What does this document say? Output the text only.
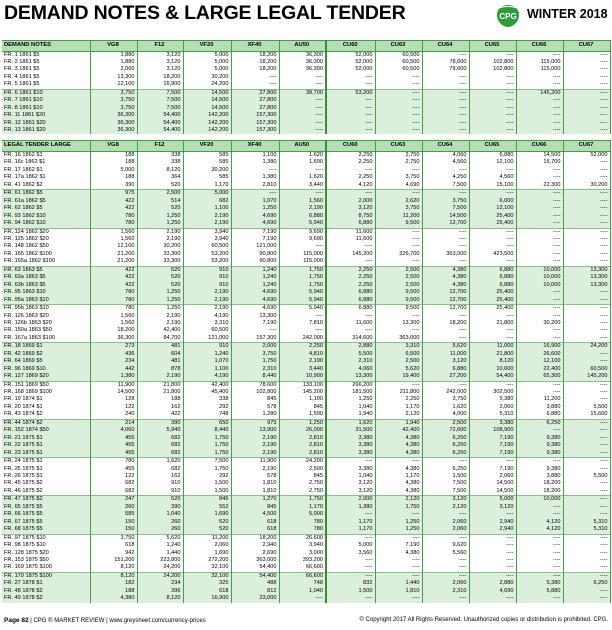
DEMAND NOTES & LARGE LEGAL TENDER	CPG WINTER 2018
DEMAND NOTES	VG8	F12	VF20	XF40	AU50	CU60	CU63	CU64	CU65	CU66	CU67
FR. 1 1861 $5	1,880	3,120	5,000	18,200	36,300	52,000	60,500	----	----	----	----
FR. 2 1861 $5	1,880	3,120	5,000	18,200	36,300	52,000	60,500	78,600	102,800	115,000	----
FR. 3 1861 $5	2,060	3,120	5,000	18,200	36,300	52,000	60,500	78,600	102,800	115,000	----
FR. 4 1861 $5	13,300	18,200	30,200	----	----	----	----	----	----	----	----
FR. 5 1861 $5	12,100	16,900	24,200	----	----	----	----	----	----	----	----
FR. 6 1861 $10	3,750	7,500	14,500	27,800	38,700	53,200	----	----	----	145,200	----
FR. 7 1861 $10	3,750	7,500	14,500	27,800	----	----	----	----	----	----	----
FR. 8 1861 $10	3,750	7,500	14,500	27,800	----	----	----	----	----	----	----
FR. 11 1861 $20	36,300	54,400	142,200	157,300	----	----	----	----	----	----	----
FR. 12 1861 $20	36,300	54,400	142,200	157,300	----	----	----	----	----	----	----
FR. 13 1861 $20	36,300	54,400	142,200	157,300	----	----	----	----	----	----	----

LEGAL TENDER LARGE	VG8	F12	VF20	XF40	AU50	CU60	CU63	CU64	CU65	CU66	CU67
FR. 16 1862 $1	188	338	585	1,100	1,620	2,250	2,750	4,060	6,880	14,500	52,000
FR. 16c 1862 $1	188	338	585	1,380	1,690	2,250	2,750	4,560	12,100	15,700	----
FR. 17 1862 $1	5,000	8,120	30,200	----	----	----	----	----	----	----	----
FR. 17a 1862 $1	188	364	585	1,380	1,620	2,250	3,750	4,250	4,560	----	----
FR. 41 1862 $2	390	520	1,170	2,810	3,440	4,120	4,690	7,500	15,100	22,300	30,200
FR. 61 1862 $5	975	2,500	5,000	----	----	----	----	----	----	----	----
FR. 61a 1862 $5	422	514	682	1,070	1,560	2,000	2,620	3,750	6,000	----	----
FR. 62 1862 $5	422	520	1,100	1,250	2,190	3,120	3,750	7,500	12,100	----	----
FR. 93 1862 $10	780	1,250	2,190	4,690	6,880	8,750	11,200	14,500	25,400	----	----
FR. 94 1862 $10	780	1,250	2,190	4,690	5,940	6,880	9,500	12,700	25,400	----	----
FR. 124 1862 $20	1,560	2,190	3,940	7,190	9,690	11,600	----	----	----	----	----
FR. 125 1862 $20	1,560	2,190	3,940	7,190	9,690	11,600	----	----	----	----	----
FR. 148 1862 $50	12,100	30,200	60,500	121,000	----	----	----	----	----	----	----
FR. 165 1862 $100	21,200	33,300	53,200	90,800	115,000	145,200	326,700	363,000	423,500	----	----
FR. 165a 1862 $100	21,200	33,300	53,200	90,800	115,000	----	----	----	----	----	----
FR. 63 1863 $5	422	520	910	1,240	1,750	2,250	2,500	4,380	6,880	10,000	13,300
FR. 63a 1863 $5	422	520	910	1,240	1,750	2,250	2,500	4,380	6,880	10,000	13,300
FR. 63b 1863 $5	422	520	910	1,240	1,750	2,250	2,500	4,380	6,880	10,000	13,300
FR. 95 1863 $10	780	1,250	2,190	4,690	5,940	6,880	9,500	12,700	25,400	----	----
FR. 95a 1863 $10	780	1,250	2,190	4,690	5,940	6,880	9,500	12,700	25,400	----	----
FR. 95b 1863 $10	780	1,250	2,190	4,690	5,940	6,880	9,500	12,700	25,400	----	----
FR. 126 1863 $20	1,560	2,190	4,190	13,300	----	----	----	----	----	----	----
FR. 126b 1863 $20	1,560	2,190	3,310	7,190	7,810	11,600	13,300	18,200	21,800	30,200	----
FR. 150a 1863 $50	18,200	42,400	60,500	----	----	----	----	----	----	----	----
FR. 167a 1863 $100	36,300	84,700	121,000	157,300	242,000	314,600	363,000	----	----	----	----
FR. 18 1869 $1	273	481	910	2,000	2,250	2,880	3,310	5,620	11,000	16,900	24,200
FR. 42 1869 $2	436	604	1,240	3,750	4,810	5,500	6,500	11,000	21,800	26,600	----
FR. 64 1869 $5	234	481	1,070	1,750	2,190	2,310	2,500	3,120	8,120	12,100	----
FR. 96 1869 $10	442	878	1,100	2,310	3,440	4,060	5,620	6,880	10,600	22,400	60,500
FR. 127 1869 $20	1,380	2,190	4,190	8,440	10,900	13,300	19,400	27,200	54,400	65,300	145,200
FR. 151 1869 $50	11,900	21,800	42,400	78,600	133,100	266,200	----	----	----	----	----
FR. 168 1869 $100	14,500	21,800	45,400	102,800	145,200	181,500	211,800	242,000	302,500	----	----
FR. 19 1874 $1	128	188	338	845	1,100	1,250	2,250	3,750	5,380	11,200	----
FR. 20 1874 $1	122	162	292	578	845	1,040	1,170	1,620	2,060	3,880	5,500
FR. 43 1874 $2	240	422	748	1,280	1,590	1,940	2,120	4,000	5,310	6,880	15,600
FR. 44 1874 $2	214	390	650	975	1,250	1,620	1,940	2,500	3,380	6,250	----
FR. 152 1874 $50	4,060	5,940	8,440	13,900	26,000	31,500	42,400	72,600	108,900	----	----
FR. 21 1875 $1	455	682	1,750	2,190	2,810	3,380	4,380	6,250	7,190	9,380	----
FR. 22 1875 $1	455	682	1,750	2,190	2,810	3,380	4,380	6,250	7,190	9,380	----
FR. 23 1875 $1	455	682	1,750	2,190	2,810	3,380	4,380	6,250	7,190	9,380	----
FR. 24 1875 $1	780	1,620	7,500	11,900	24,200	----	----	----	----	----	----
FR. 25 1875 $1	455	682	1,750	2,190	2,500	3,380	4,380	6,250	7,190	9,380	----
FR. 26 1875 $1	122	162	292	578	845	1,040	1,170	1,500	2,060	3,880	5,500
FR. 45 1875 $2	682	910	1,500	1,810	2,750	3,120	4,380	7,500	14,500	18,200	----
FR. 46 1875 $2	682	910	1,500	1,810	2,750	3,120	4,380	7,500	14,500	18,200	----
FR. 47 1875 $2	247	520	845	1,270	1,750	2,000	2,120	3,120	5,000	10,000	----
FR. 65 1875 $5	260	390	552	845	1,170	1,380	1,750	2,120	3,120	----	----
FR. 66 1875 $5	585	1,040	1,690	4,500	5,000	----	----	----	----	----	----
FR. 67 1875 $5	150	260	520	618	780	1,170	1,250	2,060	2,940	4,120	5,310
FR. 68 1875 $5	150	260	520	618	780	1,170	1,250	2,060	2,940	4,120	5,310
FR. 97 1875 $10	3,750	5,620	11,200	18,200	26,600	----	----	----	----	----	----
FR. 98 1875 $10	618	1,240	2,060	2,940	3,940	5,000	7,190	9,620	----	----	----
FR. 128 1875 $20	942	1,440	1,690	2,690	3,000	3,560	4,380	5,560	----	----	----
FR. 153 1875 $50	151,200	223,800	272,200	363,000	393,200	----	----	----	----	----	----
FR. 169 1875 $100	8,120	24,200	32,100	54,400	66,600	----	----	----	----	----	----
FR. 170 1875 $100	8,120	24,200	32,100	54,400	66,600	----	----	----	----	----	----
FR. 27 1878 $1	182	234	325	488	748	832	1,440	2,060	2,880	5,380	6,250
FR. 48 1878 $2	188	396	618	812	1,040	1,500	1,810	2,310	4,690	5,880	----
FR. 49 1878 $2	4,380	8,120	16,900	23,000	----	----	----	----	----	----	----
Page 82 | CPG ® MARKET REVIEW | www.greysheet.com/currency-prices	© Copyright 2017 All Rights Reserved. Unauthorized copies or distribution is prohibited. CPG.
